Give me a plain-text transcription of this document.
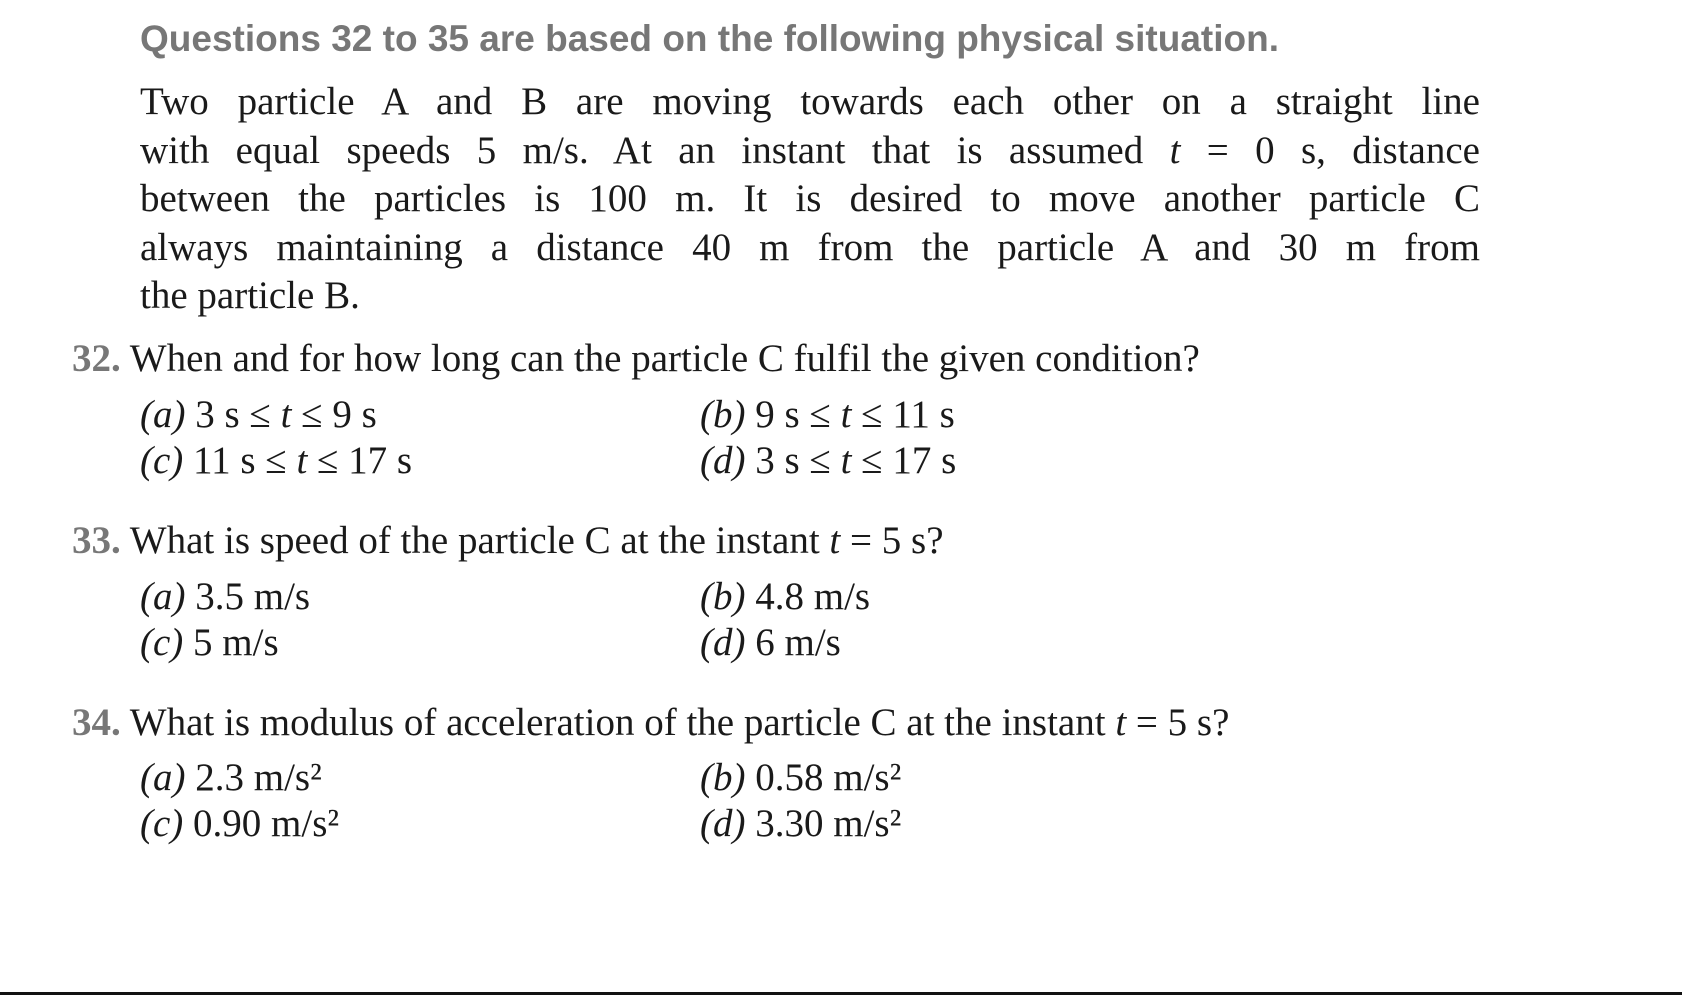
Questions 32 to 35 are based on the following physical situation.
Two particle A and B are moving towards each other on a straight line
with equal speeds 5 m/s. At an instant that is assumed t = 0 s, distance
between the particles is 100 m. It is desired to move another particle C
always maintaining a distance 40 m from the particle A and 30 m from
the particle B.
32. When and for how long can the particle C fulfil the given condition?
(a) 3 s ≤ t ≤ 9 s	(b) 9 s ≤ t ≤ 11 s
(c) 11 s ≤ t ≤ 17 s	(d) 3 s ≤ t ≤ 17 s
33. What is speed of the particle C at the instant t = 5 s?
(a) 3.5 m/s	(b) 4.8 m/s
(c) 5 m/s	(d) 6 m/s
34. What is modulus of acceleration of the particle C at the instant t = 5 s?
(a) 2.3 m/s²	(b) 0.58 m/s²
(c) 0.90 m/s²	(d) 3.30 m/s²
